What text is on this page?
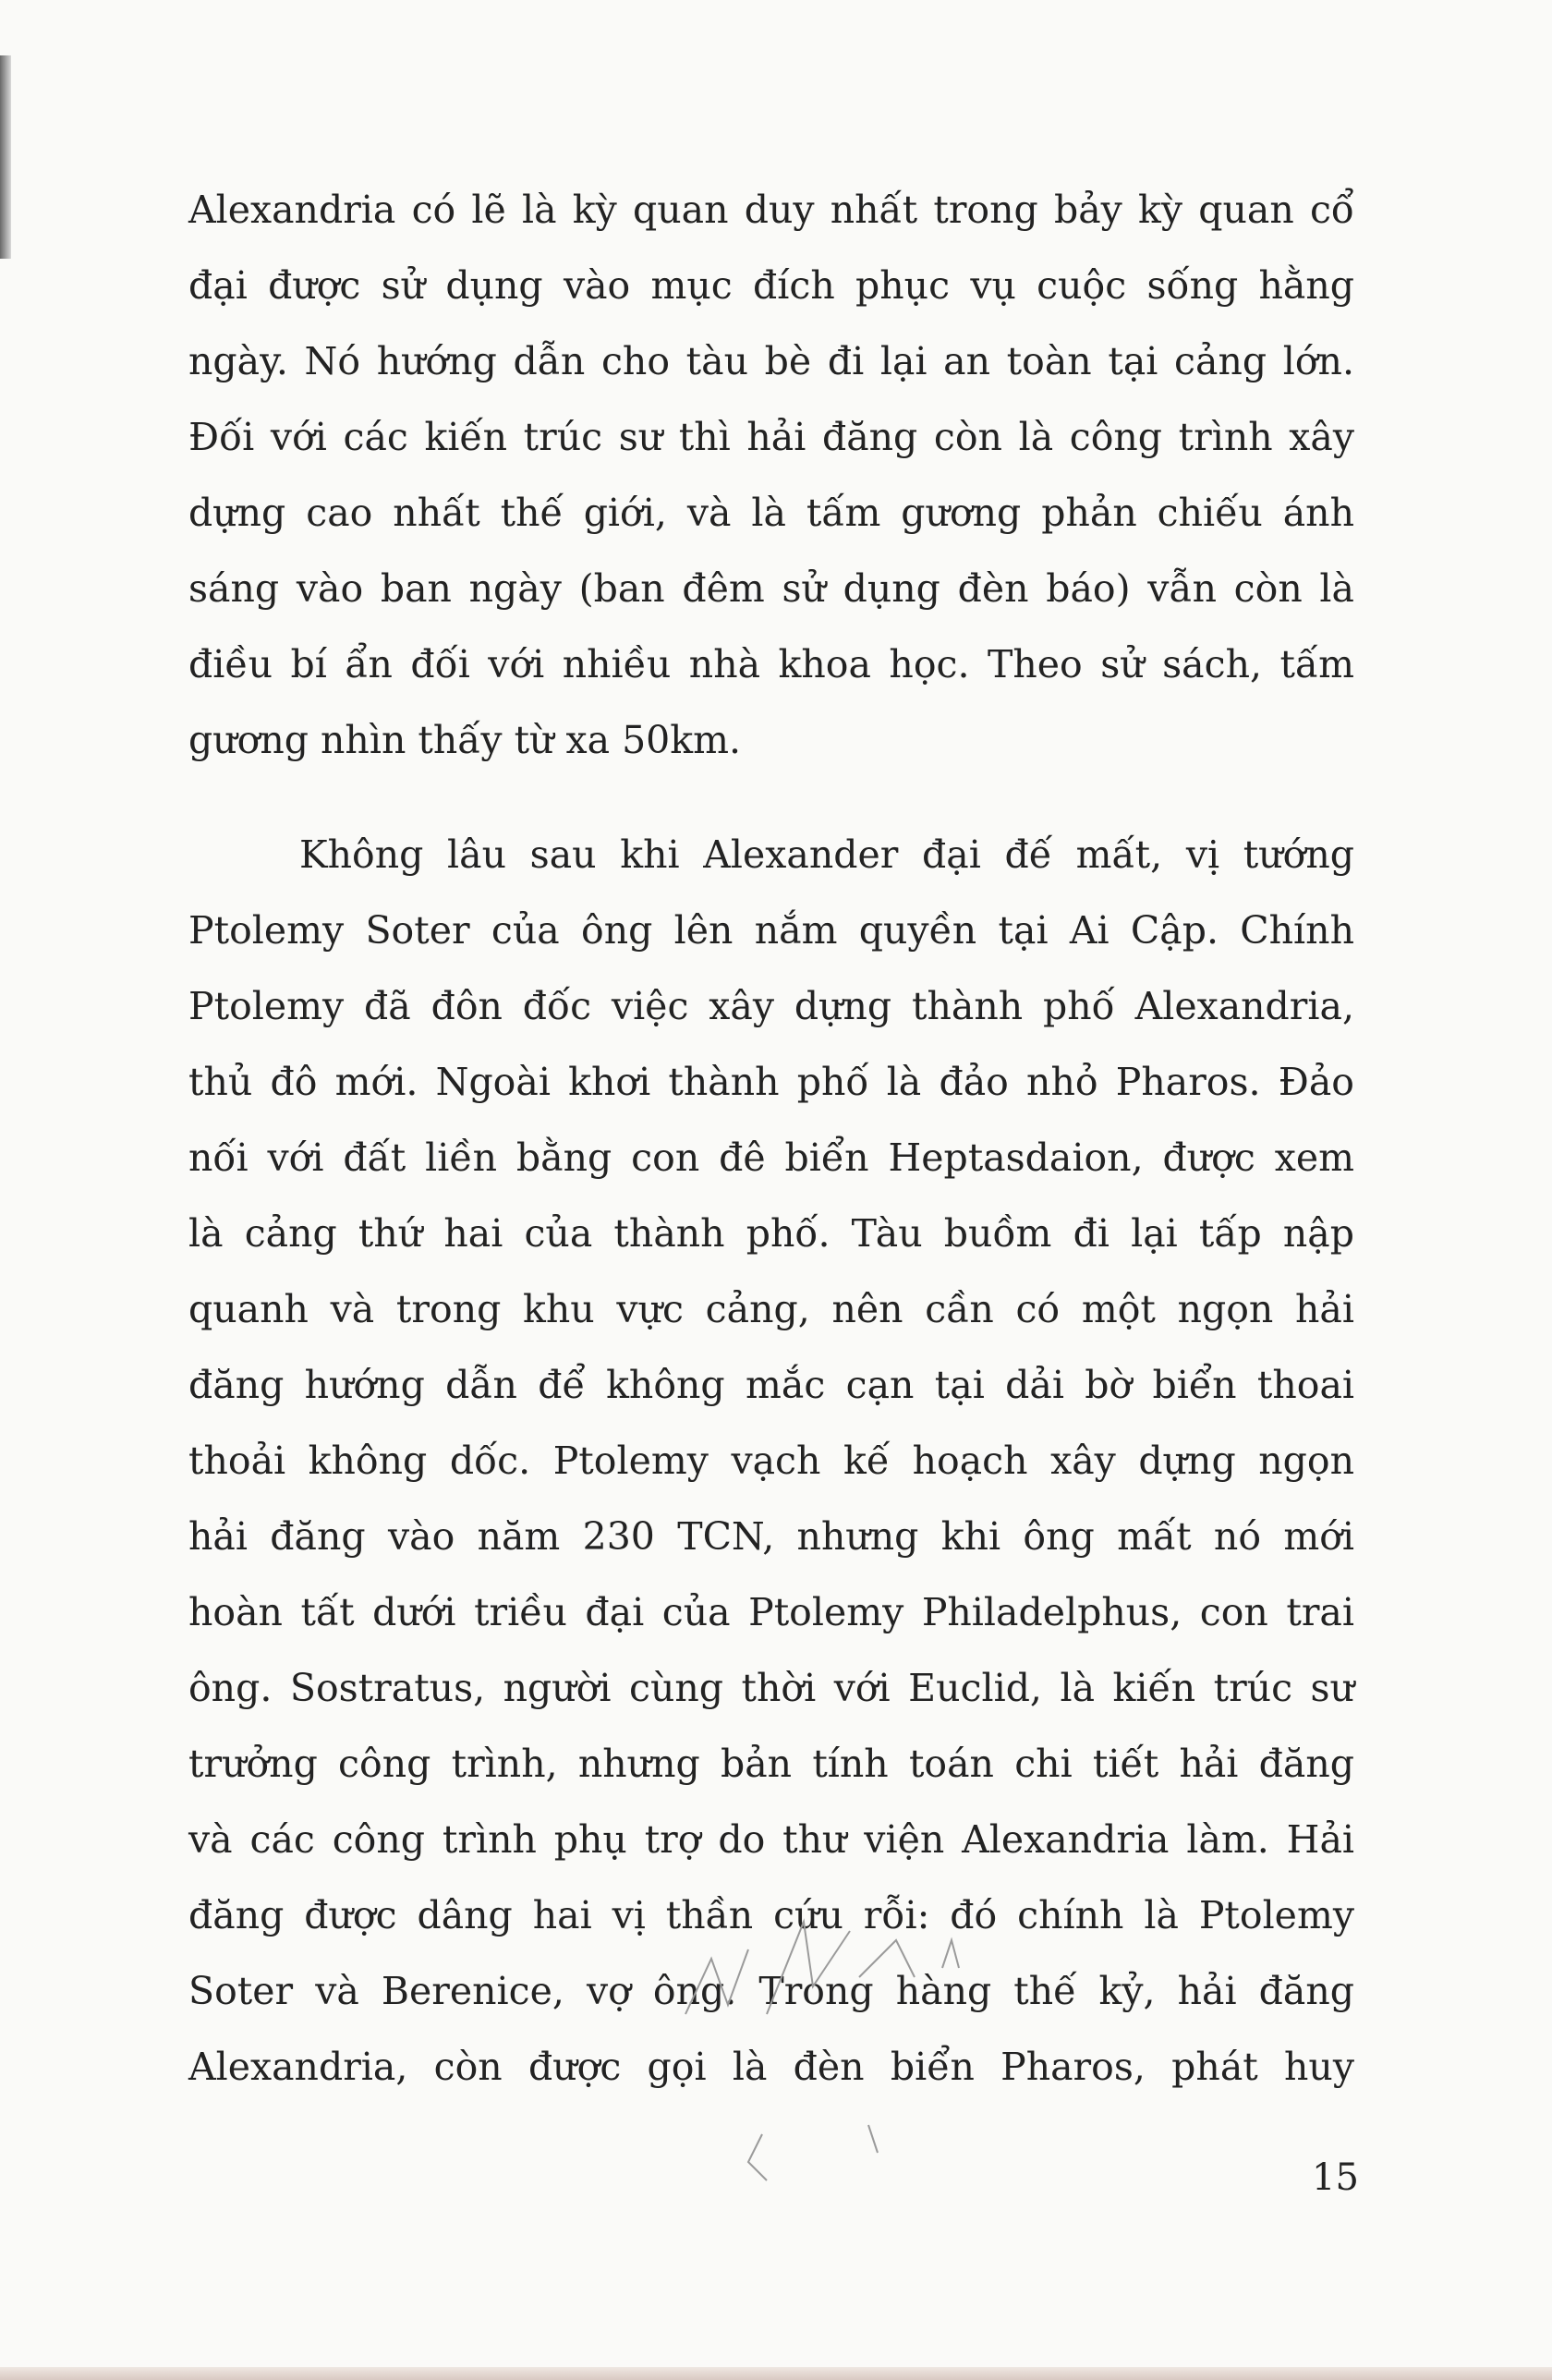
Alexandria có lẽ là kỳ quan duy nhất trong bảy kỳ quan cổ
đại được sử dụng vào mục đích phục vụ cuộc sống hằng
ngày. Nó hướng dẫn cho tàu bè đi lại an toàn tại cảng lớn.
Đối với các kiến trúc sư thì hải đăng còn là công trình xây
dựng cao nhất thế giới, và là tấm gương phản chiếu ánh
sáng vào ban ngày (ban đêm sử dụng đèn báo) vẫn còn là
điều bí ẩn đối với nhiều nhà khoa học. Theo sử sách, tấm
gương nhìn thấy từ xa 50km.
Không lâu sau khi Alexander đại đế mất, vị tướng
Ptolemy Soter của ông lên nắm quyền tại Ai Cập. Chính
Ptolemy đã đôn đốc việc xây dựng thành phố Alexandria,
thủ đô mới. Ngoài khơi thành phố là đảo nhỏ Pharos. Đảo
nối với đất liền bằng con đê biển Heptasdaion, được xem
là cảng thứ hai của thành phố. Tàu buồm đi lại tấp nập
quanh và trong khu vực cảng, nên cần có một ngọn hải
đăng hướng dẫn để không mắc cạn tại dải bờ biển thoai
thoải không dốc. Ptolemy vạch kế hoạch xây dựng ngọn
hải đăng vào năm 230 TCN, nhưng khi ông mất nó mới
hoàn tất dưới triều đại của Ptolemy Philadelphus, con trai
ông. Sostratus, người cùng thời với Euclid, là kiến trúc sư
trưởng công trình, nhưng bản tính toán chi tiết hải đăng
và các công trình phụ trợ do thư viện Alexandria làm. Hải
đăng được dâng hai vị thần cứu rỗi: đó chính là Ptolemy
Soter và Berenice, vợ ông. Trong hàng thế kỷ, hải đăng
Alexandria, còn được gọi là đèn biển Pharos, phát huy
15
